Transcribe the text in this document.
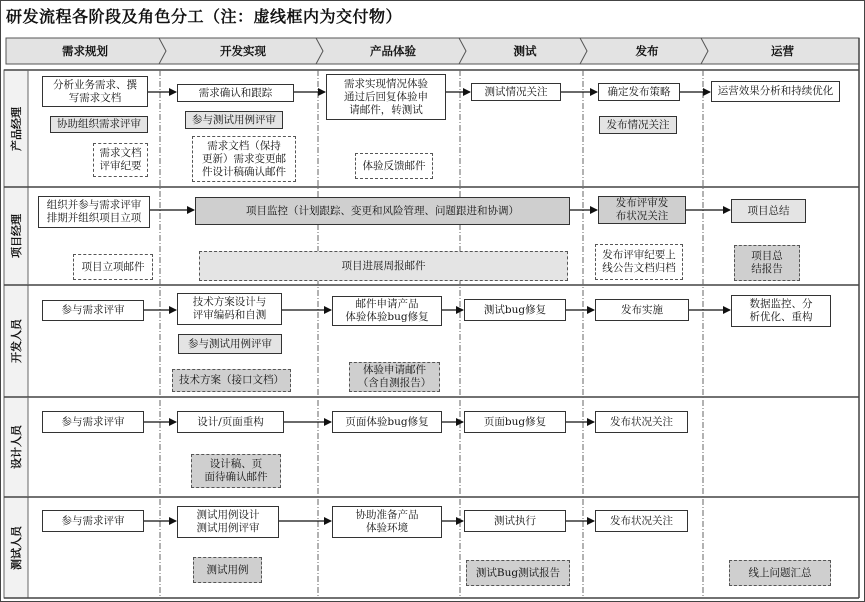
研发流程各阶段及角色分工（注：虚线框内为交付物）
需求规划	开发实现	产品体验	测试	发布	运营
产品经理
项目经理
开发人员
设计人员
测试人员
分析业务需求、撰
写需求文档
协助组织需求评审
需求文档
评审纪要
需求确认和跟踪
参与测试用例评审
需求文档（保持
更新）需求变更邮
件设计稿确认邮件
需求实现情况体验
通过后回复体验申
请邮件，转测试
体验反馈邮件
测试情况关注	确定发布策略
发布情况关注
运营效果分析和持续优化
组织并参与需求评审
排期并组织项目立项
项目监控（计划跟踪、变更和风险管理、问题跟进和协调）
发布评审发
布状况关注	项目总结
项目立项邮件	项目进展周报邮件
发布评审纪要上
线公告文档归档
项目总
结报告
参与需求评审
技术方案设计与
评审编码和自测
参与测试用例评审
技术方案（接口文档）
邮件申请产品
体验体验bug修复
体验申请邮件
（含自测报告）
测试bug修复	发布实施	数据监控、分
析优化、重构
参与需求评审	设计/页面重构
设计稿、页
面待确认邮件
页面体验bug修复	页面bug修复	发布状况关注
参与需求评审	测试用例设计
测试用例评审
测试用例
协助准备产品
体验环境
测试执行
测试Bug测试报告
发布状况关注
线上问题汇总
